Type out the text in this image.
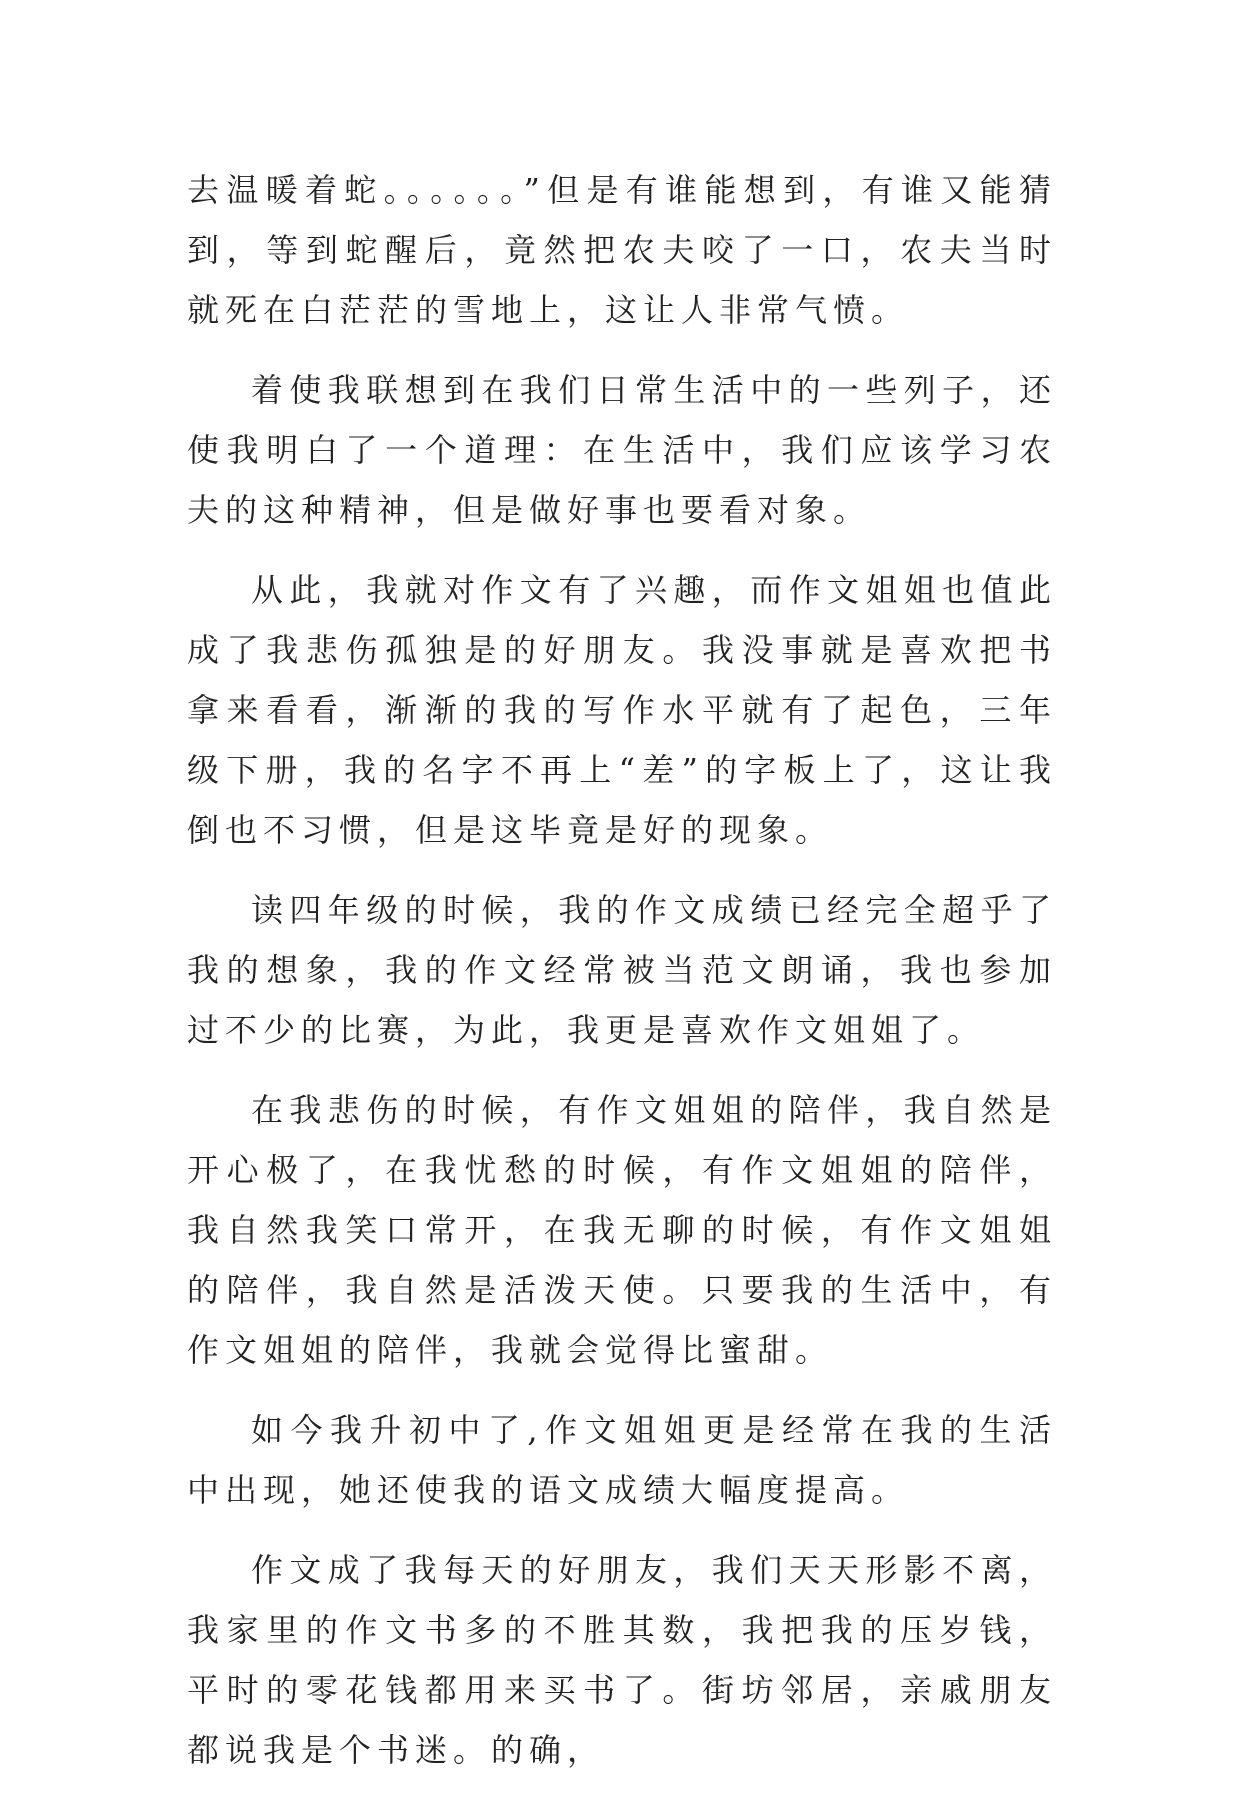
去温暖着蛇。。。。。。”但是有谁能想到，有谁又能猜到，等到蛇醒后，竟然把农夫咬了一口，农夫当时就死在白茫茫的雪地上，这让人非常气愤。

着使我联想到在我们日常生活中的一些列子，还使我明白了一个道理：在生活中，我们应该学习农夫的这种精神，但是做好事也要看对象。

从此，我就对作文有了兴趣，而作文姐姐也值此成了我悲伤孤独是的好朋友。我没事就是喜欢把书拿来看看，渐渐的我的写作水平就有了起色，三年级下册，我的名字不再上“差”的字板上了，这让我倒也不习惯，但是这毕竟是好的现象。

读四年级的时候，我的作文成绩已经完全超乎了我的想象，我的作文经常被当范文朗诵，我也参加过不少的比赛，为此，我更是喜欢作文姐姐了。

在我悲伤的时候，有作文姐姐的陪伴，我自然是开心极了，在我忧愁的时候，有作文姐姐的陪伴，我自然我笑口常开，在我无聊的时候，有作文姐姐的陪伴，我自然是活泼天使。只要我的生活中，有作文姐姐的陪伴，我就会觉得比蜜甜。

如今我升初中了,作文姐姐更是经常在我的生活中出现，她还使我的语文成绩大幅度提高。

作文成了我每天的好朋友，我们天天形影不离，我家里的作文书多的不胜其数，我把我的压岁钱，平时的零花钱都用来买书了。街坊邻居，亲戚朋友都说我是个书迷。的确，
